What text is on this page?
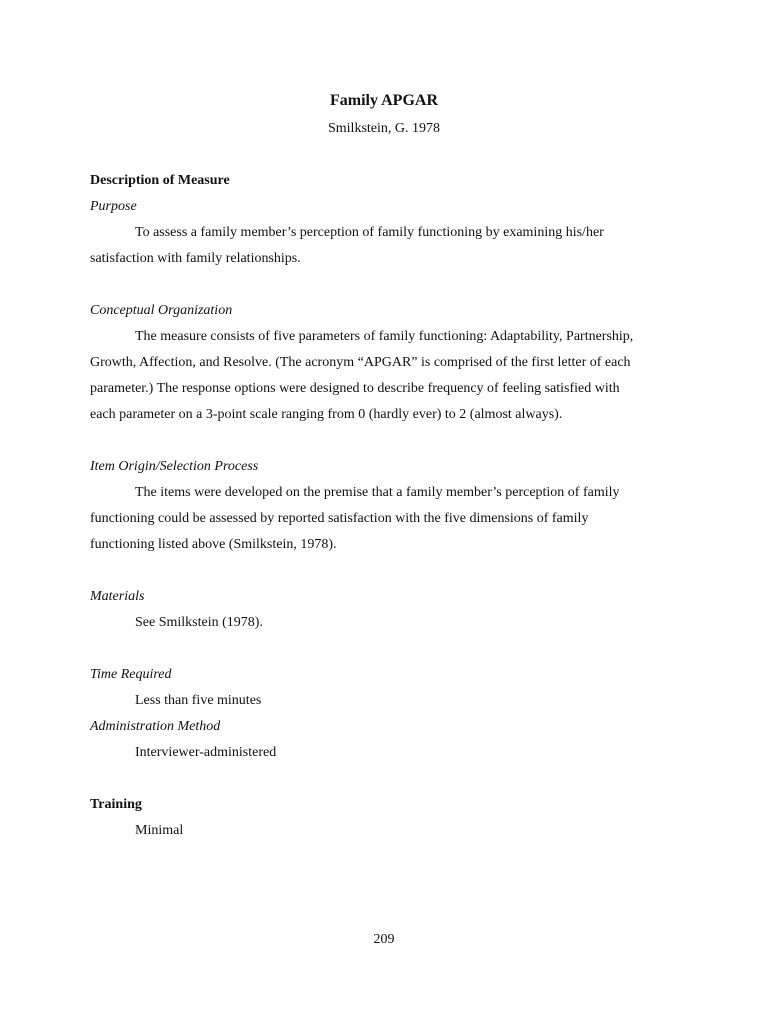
Family APGAR
Smilkstein, G. 1978
Description of Measure
Purpose
To assess a family member’s perception of family functioning by examining his/her
satisfaction with family relationships.
Conceptual Organization
The measure consists of five parameters of family functioning: Adaptability, Partnership,
Growth, Affection, and Resolve. (The acronym “APGAR” is comprised of the first letter of each
parameter.) The response options were designed to describe frequency of feeling satisfied with
each parameter on a 3-point scale ranging from 0 (hardly ever) to 2 (almost always).
Item Origin/Selection Process
The items were developed on the premise that a family member’s perception of family
functioning could be assessed by reported satisfaction with the five dimensions of family
functioning listed above (Smilkstein, 1978).
Materials
See Smilkstein (1978).
Time Required
Less than five minutes
Administration Method
Interviewer-administered
Training
Minimal
209
